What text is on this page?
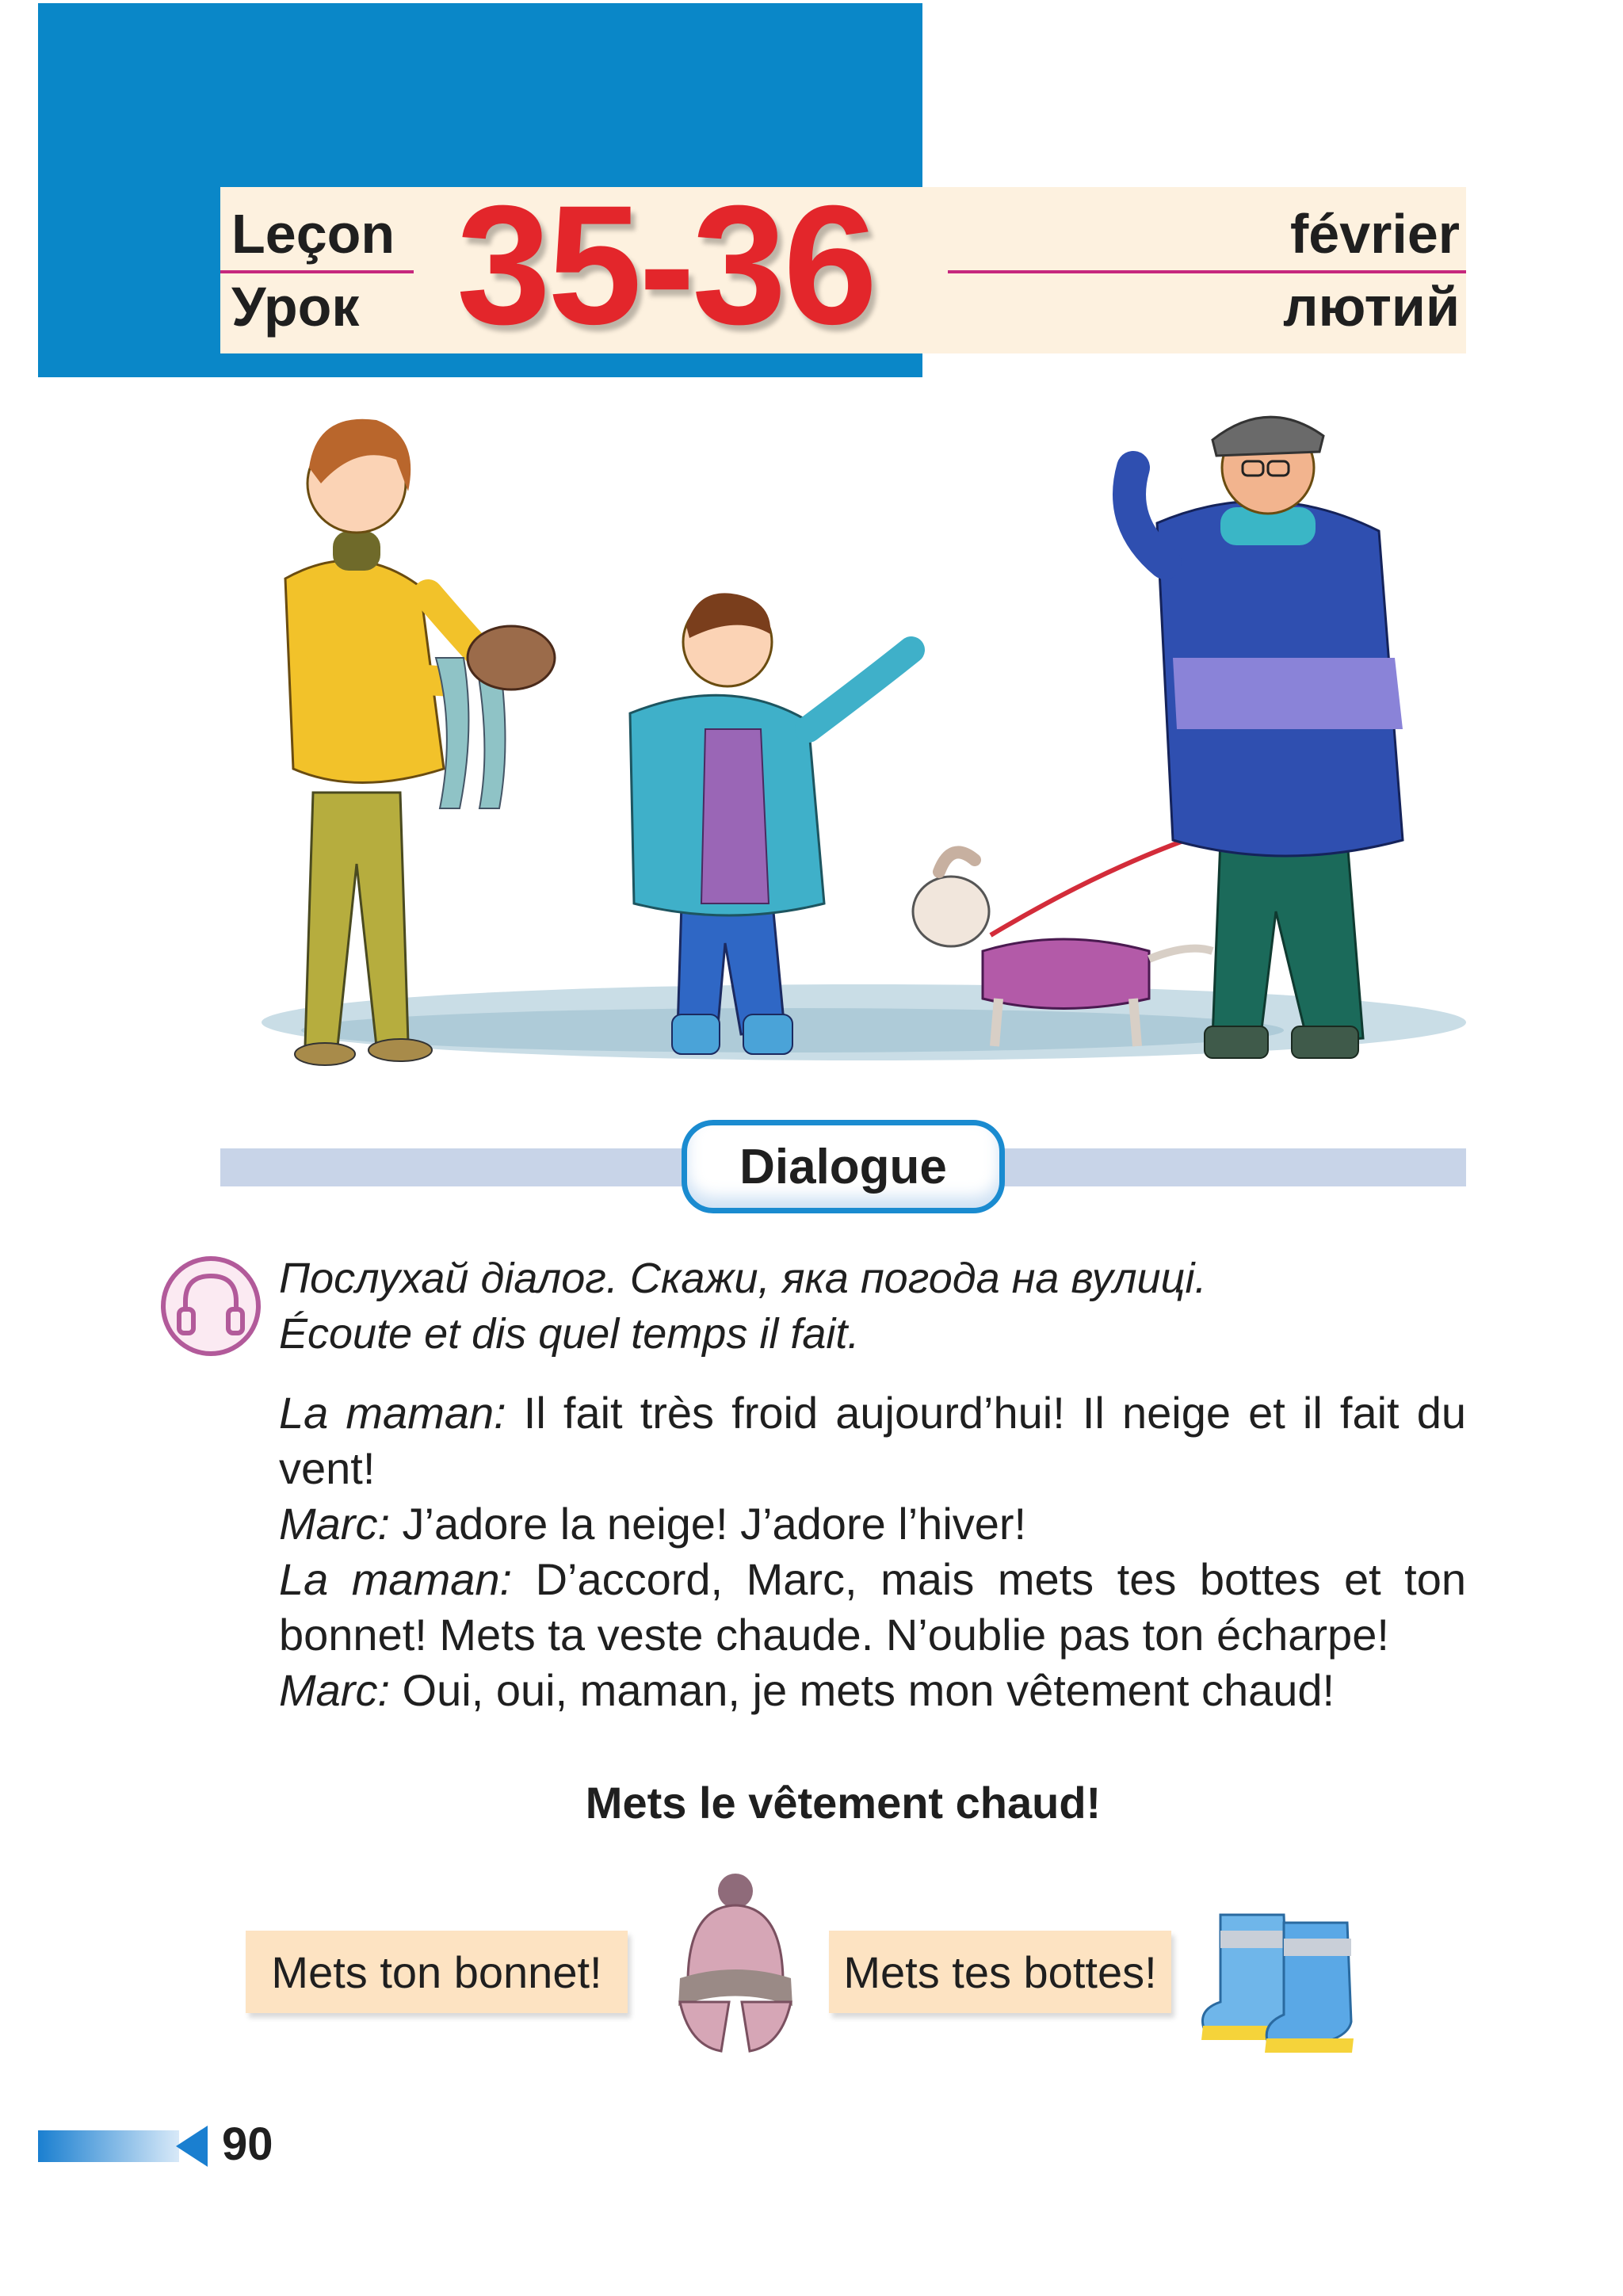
Leçon
Урок 35-36	février
лютий
Dialogue
Послухай діалог. Скажи, яка погода на вулиці.
Écoute et dis quel temps il fait.
La maman: Il fait très froid aujourd’hui! Il neige et il fait du vent!
Marc: J’adore la neige! J’adore l’hiver!
La maman: D’accord, Marc, mais mets tes bottes et ton bonnet! Mets ta veste chaude. N’oublie pas ton écharpe!
Marc: Oui, oui, maman, je mets mon vêtement chaud!
Mets le vêtement chaud!
Mets ton bonnet!	Mets tes bottes!
90
